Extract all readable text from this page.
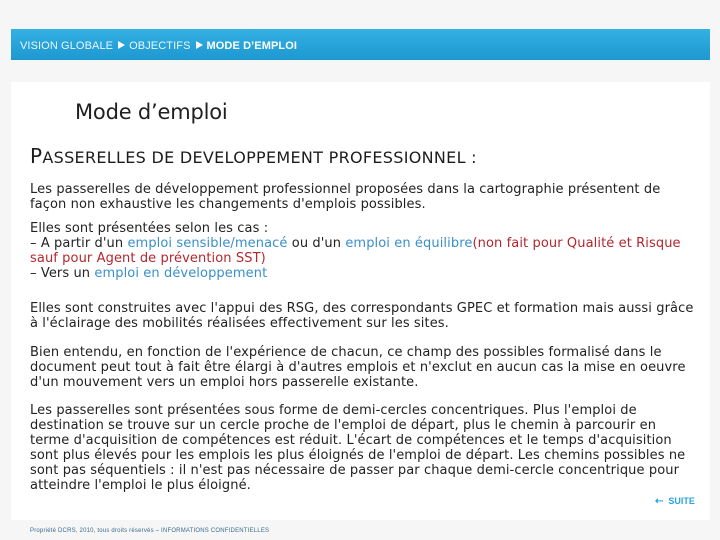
VISION GLOBALE OBJECTIFS MODE D’EMPLOI
Mode d’emploi
PASSERELLES DE DEVELOPPEMENT PROFESSIONNEL :

Les passerelles de développement professionnel proposées dans la cartographie présentent de façon non exhaustive les changements d'emplois possibles.

Elles sont présentées selon les cas :
– A partir d'un emploi sensible/menacé ou d'un emploi en équilibre(non fait pour Qualité et Risque sauf pour Agent de prévention SST)
– Vers un emploi en développement

Elles sont construites avec l'appui des RSG, des correspondants GPEC et formation mais aussi grâce à l'éclairage des mobilités réalisées effectivement sur les sites.

Bien entendu, en fonction de l'expérience de chacun, ce champ des possibles formalisé dans le document peut tout à fait être élargi à d'autres emplois et n'exclut en aucun cas la mise en oeuvre d'un mouvement vers un emploi hors passerelle existante.

Les passerelles sont présentées sous forme de demi-cercles concentriques. Plus l'emploi de destination se trouve sur un cercle proche de l'emploi de départ, plus le chemin à parcourir en terme d'acquisition de compétences est réduit. L'écart de compétences et le temps d'acquisition sont plus élevés pour les emplois les plus éloignés de l'emploi de départ. Les chemins possibles ne sont pas séquentiels : il n'est pas nécessaire de passer par chaque demi-cercle concentrique pour atteindre l'emploi le plus éloigné.

⇠ SUITE
Propriété DCRS, 2010, tous droits réservés – INFORMATIONS CONFIDENTIELLES
